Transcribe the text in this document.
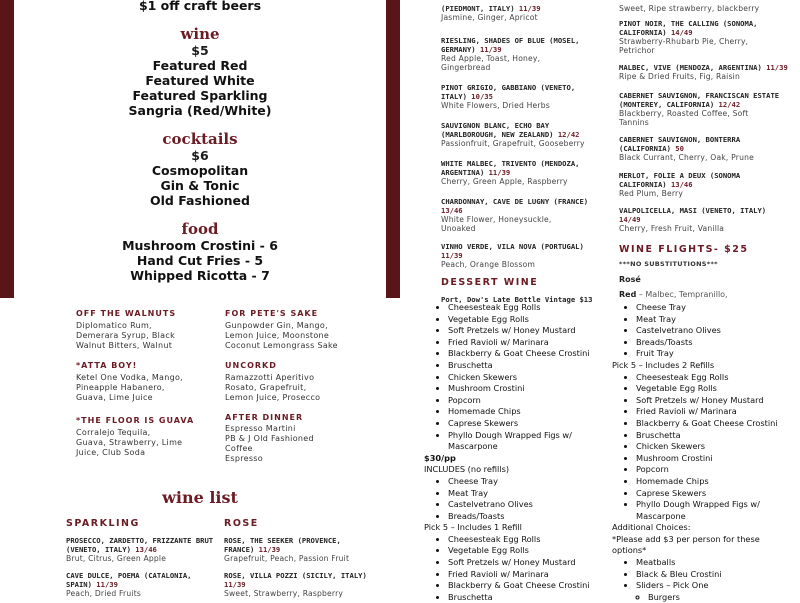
$1 off craft beers
wine
$5
Featured Red
Featured White
Featured Sparkling
Sangria (Red/White)
cocktails
$6
Cosmopolitan
Gin & Tonic
Old Fashioned
food
Mushroom Crostini - 6
Hand Cut Fries - 5
Whipped Ricotta - 7
OFF THE WALNUTS
Diplomatico Rum,
Demerara Syrup, Black
Walnut Bitters, Walnut
FOR PETE'S SAKE
Gunpowder Gin, Mango,
Lemon Juice, Moonstone
Coconut Lemongrass Sake
*ATTA BOY!
Ketel One Vodka, Mango,
Pineapple Habanero,
Guava, Lime Juice
UNCORKD
Ramazzotti Aperitivo
Rosato, Grapefruit,
Lemon Juice, Prosecco
*THE FLOOR IS GUAVA
Corralejo Tequila,
Guava, Strawberry, Lime
Juice, Club Soda
AFTER DINNER
Espresso Martini
PB & J Old Fashioned
Coffee
Espresso
wine list
SPARKLING	ROSE
PROSECCO, ZARDETTO, FRIZZANTE BRUT (VENETO, ITALY) 13/46
Brut, Citrus, Green Apple
CAVE DULCE, POEMA (CATALONIA, SPAIN) 11/39
Peach, Dried Fruits
ROSE, THE SEEKER (PROVENCE, FRANCE) 11/39
Grapefruit, Peach, Passion Fruit
ROSE, VILLA POZZI (SICILY, ITALY) 11/39
Sweet, Strawberry, Raspberry
(PIEDMONT, ITALY) 11/39
Jasmine, Ginger, Apricot
RIESLING, SHADES OF BLUE (MOSEL, GERMANY) 11/39
Red Apple, Toast, Honey,
Gingerbread
PINOT GRIGIO, GABBIANO (VENETO, ITALY) 10/35
White Flowers, Dried Herbs
SAUVIGNON BLANC, ECHO BAY (MARLBOROUGH, NEW ZEALAND) 12/42
Passionfruit, Grapefruit, Gooseberry
WHITE MALBEC, TRIVENTO (MENDOZA, ARGENTINA) 11/39
Cherry, Green Apple, Raspberry
CHARDONNAY, CAVE DE LUGNY (FRANCE) 13/46
White Flower, Honeysuckle,
Unoaked
VINHO VERDE, VILA NOVA (PORTUGAL) 11/39
Peach, Orange Blossom
DESSERT WINE
Port, Dow's Late Bottle Vintage $13
Sweet, Ripe strawberry, blackberry
PINOT NOIR, THE CALLING (SONOMA, CALIFORNIA) 14/49
Strawberry-Rhubarb Pie, Cherry,
Petrichor
MALBEC, VIVE (MENDOZA, ARGENTINA) 11/39
Ripe & Dried Fruits, Fig, Raisin
CABERNET SAUVIGNON, FRANCISCAN ESTATE (MONTEREY, CALIFORNIA) 12/42
Blackberry, Roasted Coffee, Soft
Tannins
CABERNET SAUVIGNON, BONTERRA (CALIFORNIA) 50
Black Currant, Cherry, Oak, Prune
MERLOT, FOLIE A DEUX (SONOMA CALIFORNIA) 13/46
Red Plum, Berry
VALPOLICELLA, MASI (VENETO, ITALY) 14/49
Cherry, Fresh Fruit, Vanilla
WINE FLIGHTS- $25
***NO SUBSTITUTIONS***
Rosé
Red – Malbec, Tempranillo,
• Cheesesteak Egg Rolls
• Vegetable Egg Rolls
• Soft Pretzels w/ Honey Mustard
• Fried Ravioli w/ Marinara
• Blackberry & Goat Cheese Crostini
• Bruschetta
• Chicken Skewers
• Mushroom Crostini
• Popcorn
• Homemade Chips
• Caprese Skewers
• Phyllo Dough Wrapped Figs w/ Mascarpone
$30/pp
INCLUDES (no refills)
• Cheese Tray
• Meat Tray
• Castelvetrano Olives
• Breads/Toasts
Pick 5 – Includes 1 Refill
• Cheesesteak Egg Rolls
• Vegetable Egg Rolls
• Soft Pretzels w/ Honey Mustard
• Fried Ravioli w/ Marinara
• Blackberry & Goat Cheese Crostini
• Bruschetta
• Cheese Tray
• Meat Tray
• Castelvetrano Olives
• Breads/Toasts
• Fruit Tray
Pick 5 – Includes 2 Refills
• Cheesesteak Egg Rolls
• Vegetable Egg Rolls
• Soft Pretzels w/ Honey Mustard
• Fried Ravioli w/ Marinara
• Blackberry & Goat Cheese Crostini
• Bruschetta
• Chicken Skewers
• Mushroom Crostini
• Popcorn
• Homemade Chips
• Caprese Skewers
• Phyllo Dough Wrapped Figs w/ Mascarpone
Additional Choices:
*Please add $3 per person for these options*
• Meatballs
• Black & Bleu Crostini
• Sliders – Pick One
◦ Burgers
